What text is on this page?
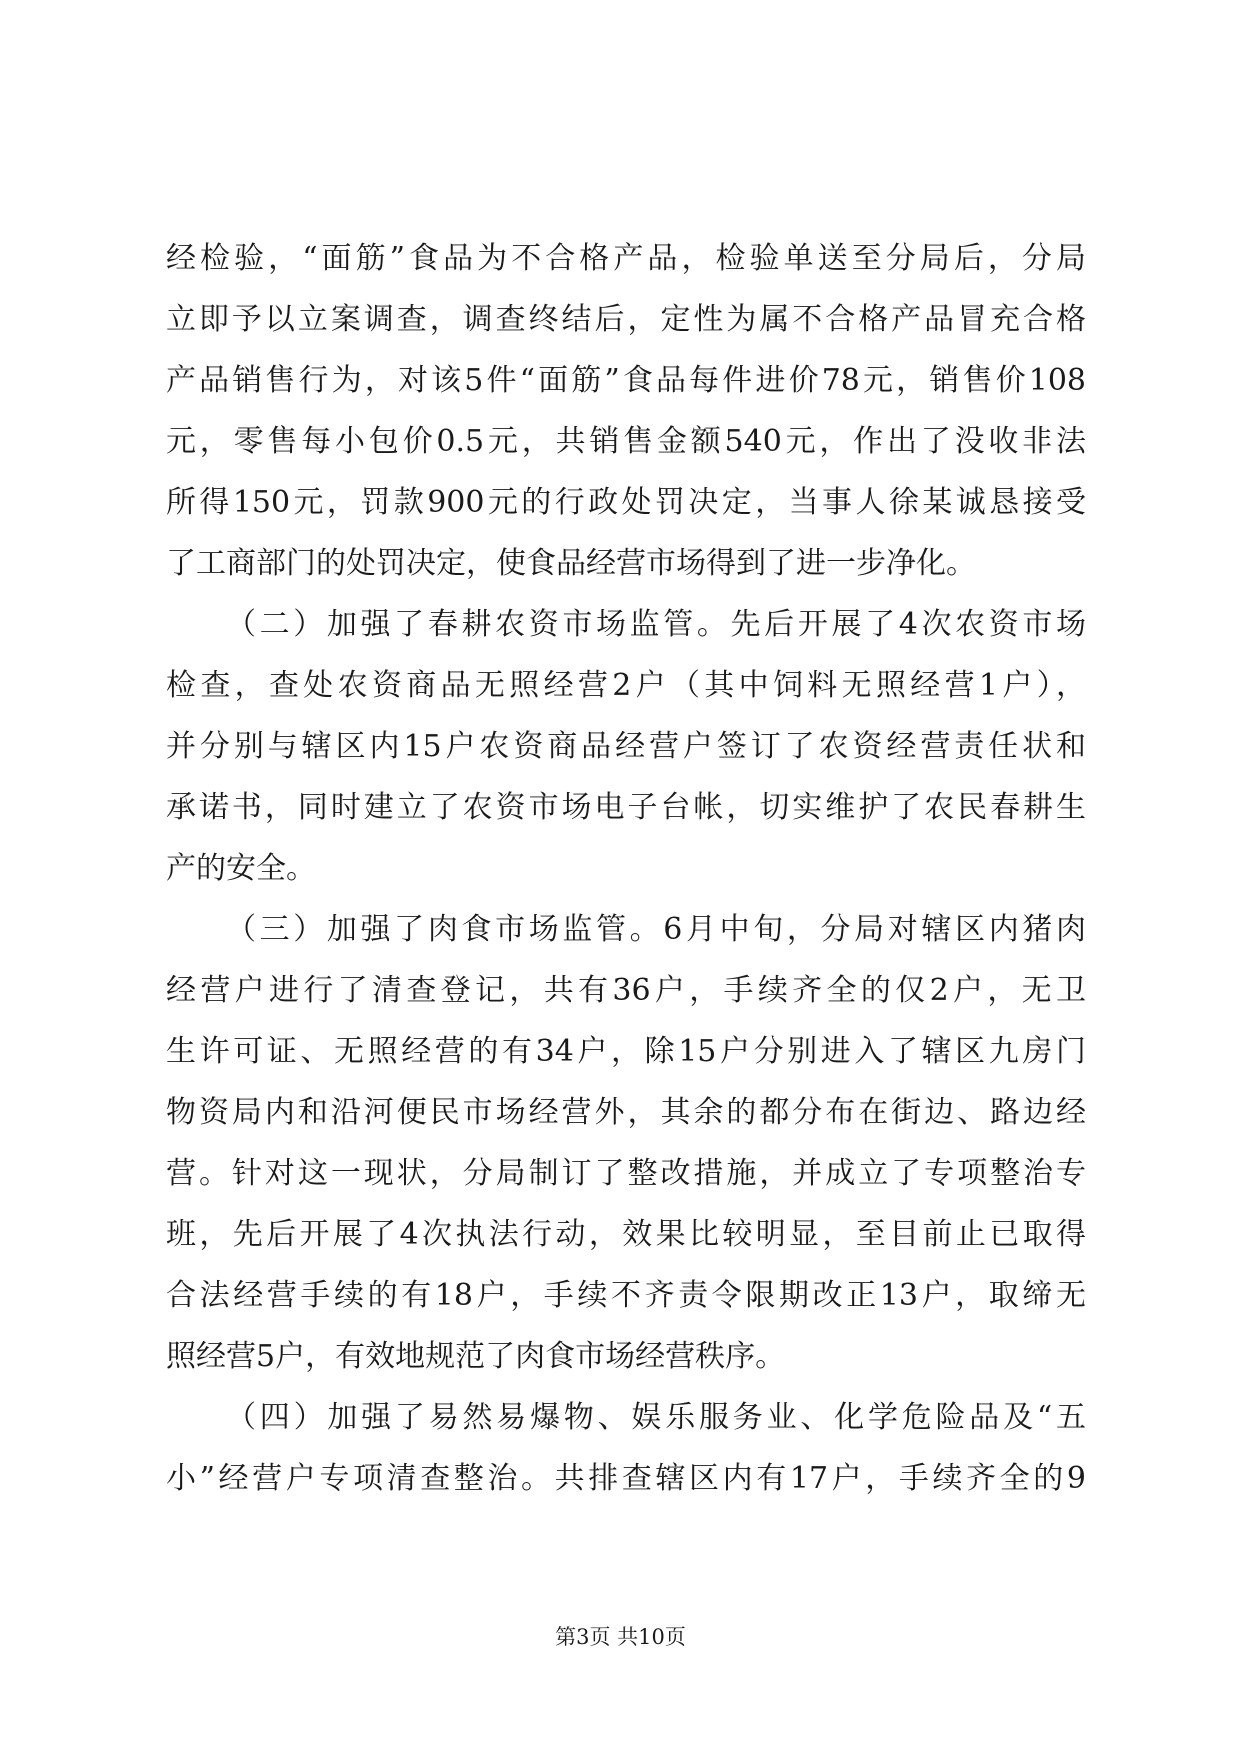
经检验，“面筋”食品为不合格产品，检验单送至分局后，分局
立即予以立案调查，调查终结后，定性为属不合格产品冒充合格
产品销售行为，对该5件“面筋”食品每件进价78元，销售价108
元，零售每小包价0.5元，共销售金额540元，作出了没收非法
所得150元，罚款900元的行政处罚决定，当事人徐某诚恳接受
了工商部门的处罚决定，使食品经营市场得到了进一步净化。
（二）加强了春耕农资市场监管。先后开展了4次农资市场
检查，查处农资商品无照经营2户（其中饲料无照经营1户），
并分别与辖区内15户农资商品经营户签订了农资经营责任状和
承诺书，同时建立了农资市场电子台帐，切实维护了农民春耕生
产的安全。
（三）加强了肉食市场监管。6月中旬，分局对辖区内猪肉
经营户进行了清查登记，共有36户，手续齐全的仅2户，无卫
生许可证、无照经营的有34户，除15户分别进入了辖区九房门
物资局内和沿河便民市场经营外，其余的都分布在街边、路边经
营。针对这一现状，分局制订了整改措施，并成立了专项整治专
班，先后开展了4次执法行动，效果比较明显，至目前止已取得
合法经营手续的有18户，手续不齐责令限期改正13户，取缔无
照经营5户，有效地规范了肉食市场经营秩序。
（四）加强了易然易爆物、娱乐服务业、化学危险品及“五
小”经营户专项清查整治。共排查辖区内有17户，手续齐全的9
第3页 共10页
